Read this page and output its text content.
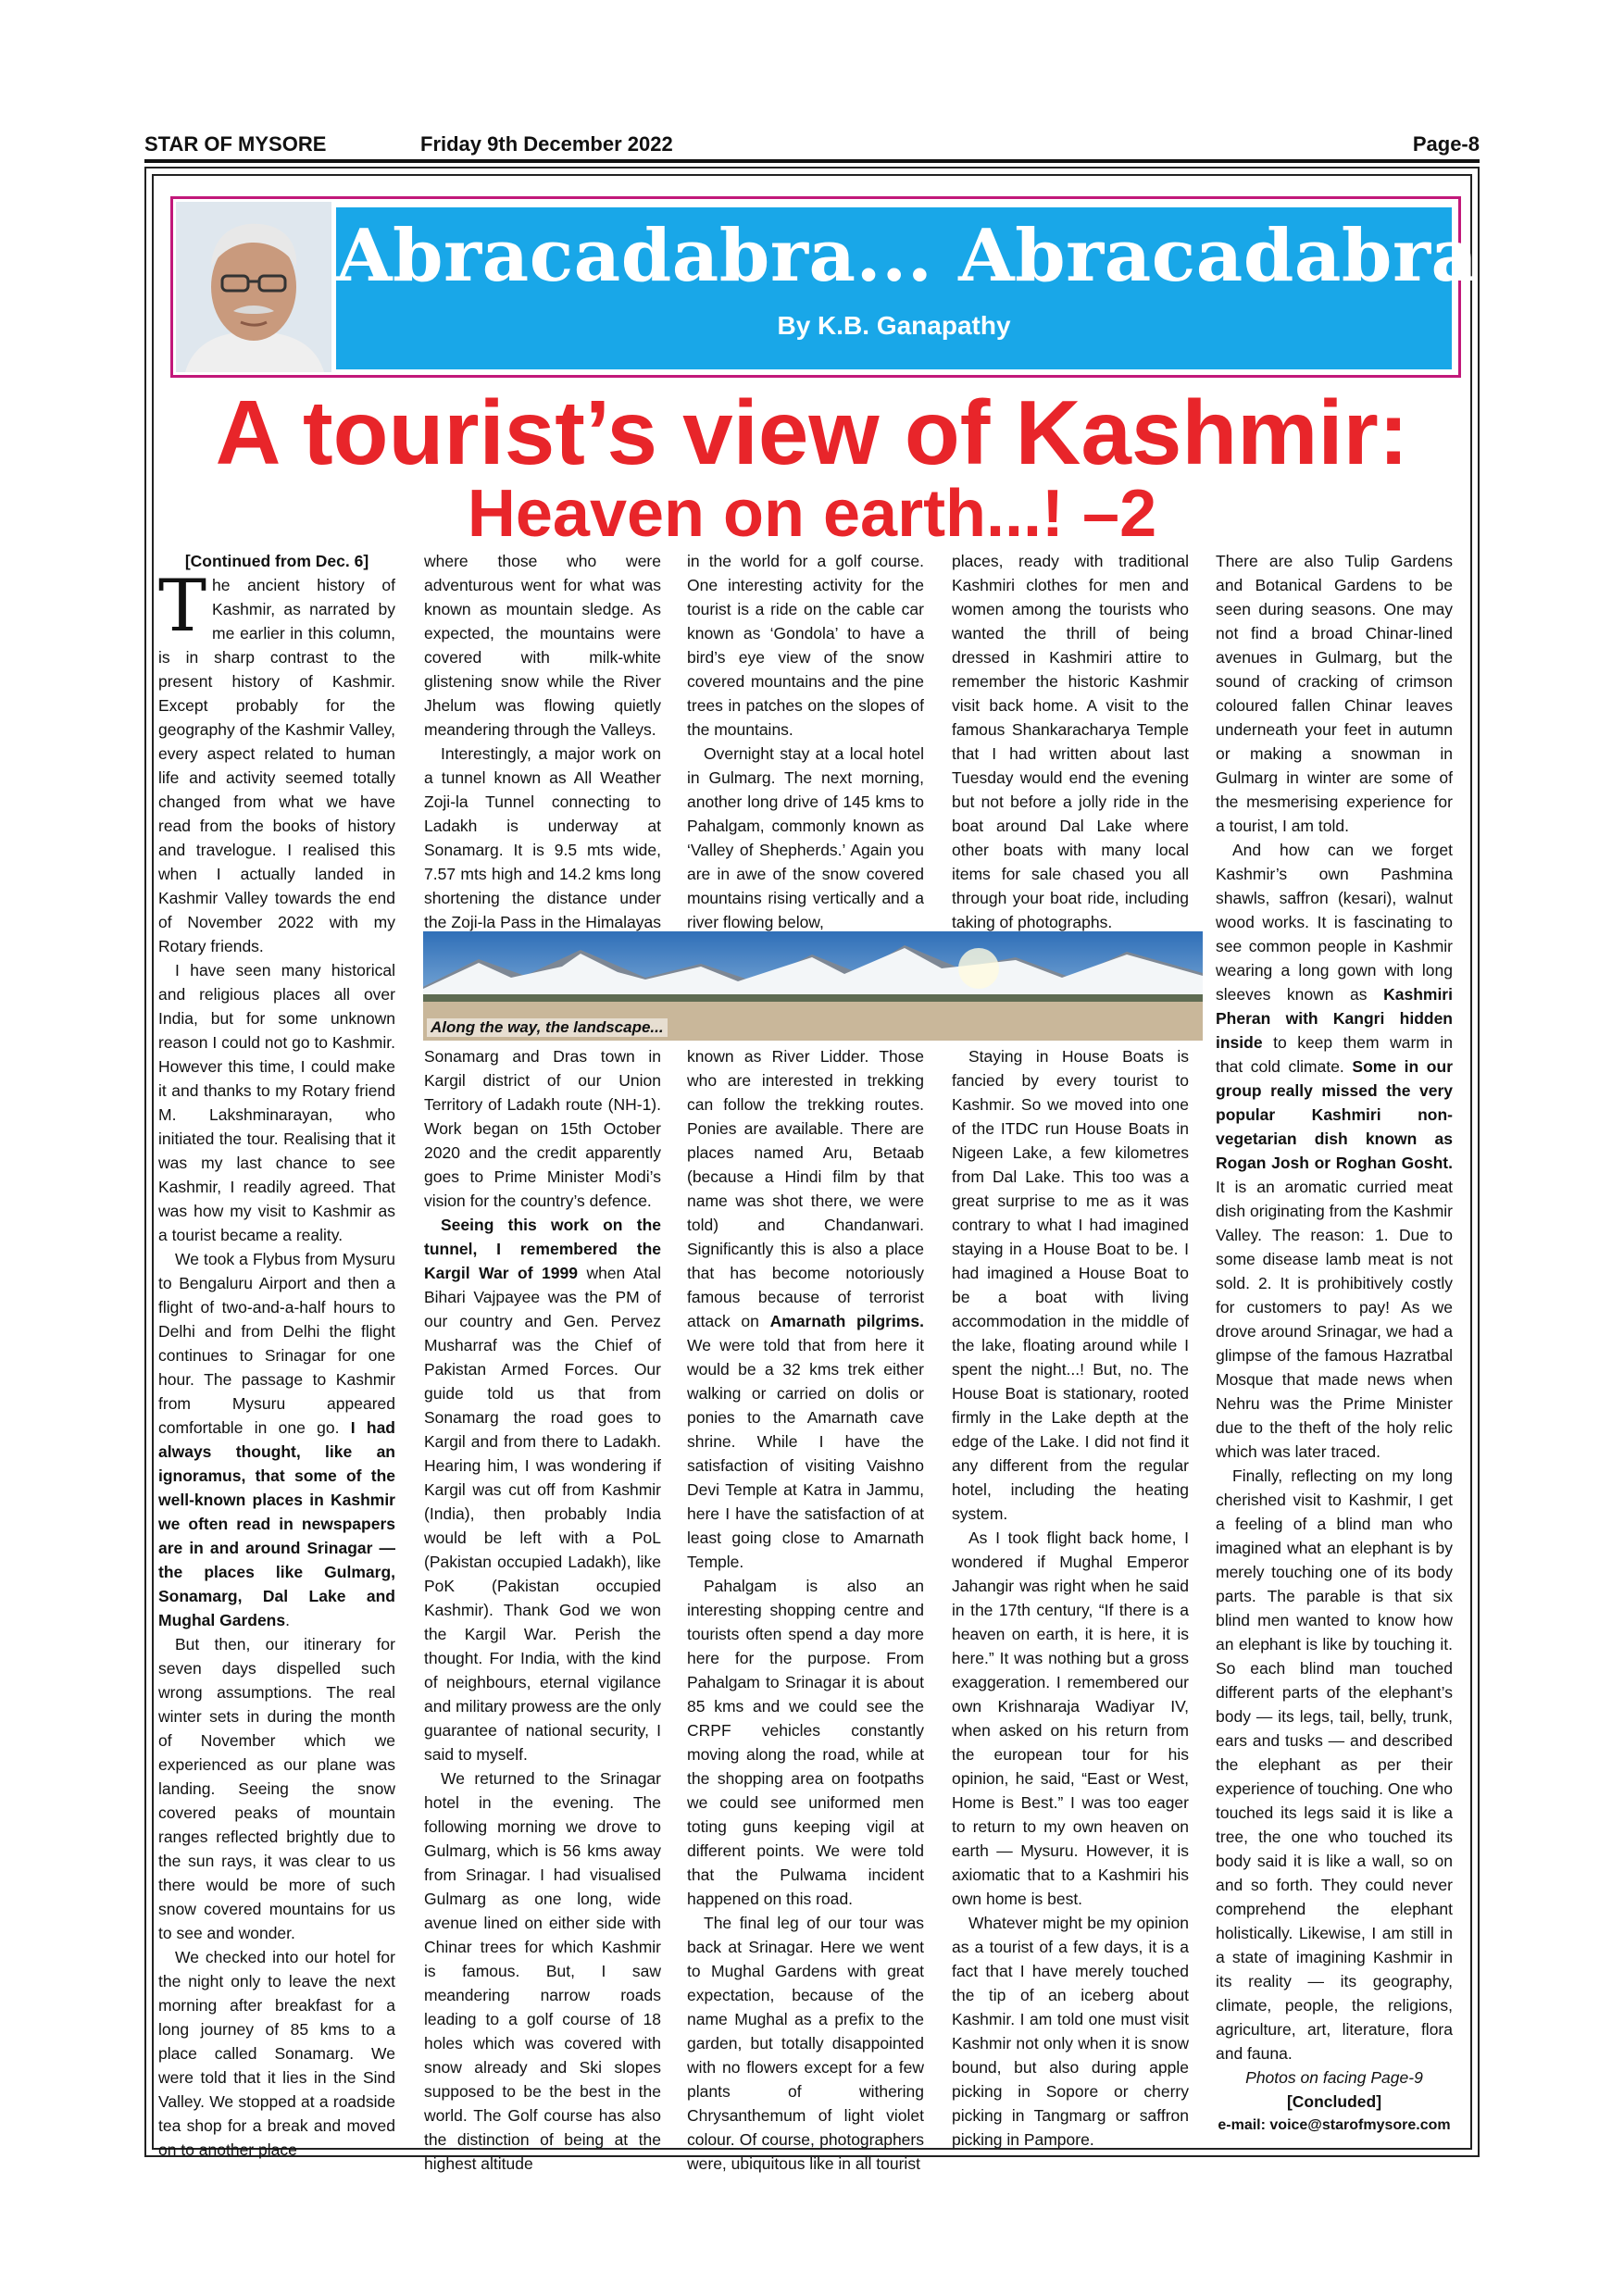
STAR OF MYSORE	Friday 9th December 2022	Page-8
Abracadabra... Abracadabra...
By K.B. Ganapathy
A tourist’s view of Kashmir:
Heaven on earth...! –2

[Continued from Dec. 6]

The ancient history of Kashmir, as narrated by me earlier in this column, is in sharp contrast to the present history of Kashmir. Except probably for the geography of the Kashmir Valley, every aspect related to human life and activity seemed totally changed from what we have read from the books of history and travelogue. I realised this when I actually landed in Kashmir Valley towards the end of November 2022 with my Rotary friends.

I have seen many historical and religious places all over India, but for some unknown reason I could not go to Kashmir. However this time, I could make it and thanks to my Rotary friend M. Lakshminarayan, who initiated the tour. Realising that it was my last chance to see Kashmir, I readily agreed. That was how my visit to Kashmir as a tourist became a reality.

We took a Flybus from Mysuru to Bengaluru Airport and then a flight of two-and-a-half hours to Delhi and from Delhi the flight continues to Srinagar for one hour. The passage to Kashmir from Mysuru appeared comfortable in one go. I had always thought, like an ignoramus, that some of the well-known places in Kashmir we often read in newspapers are in and around Srinagar — the places like Gulmarg, Sonamarg, Dal Lake and Mughal Gardens.

But then, our itinerary for seven days dispelled such wrong assumptions. The real winter sets in during the month of November which we experienced as our plane was landing. Seeing the snow covered peaks of mountain ranges reflected brightly due to the sun rays, it was clear to us there would be more of such snow covered mountains for us to see and wonder.

We checked into our hotel for the night only to leave the next morning after breakfast for a long journey of 85 kms to a place called Sonamarg. We were told that it lies in the Sind Valley. We stopped at a roadside tea shop for a break and moved on to another place

where those who were adventurous went for what was known as mountain sledge. As expected, the mountains were covered with milk-white glistening snow while the River Jhelum was flowing quietly meandering through the Valleys.

Interestingly, a major work on a tunnel known as All Weather Zoji-la Tunnel connecting to Ladakh is underway at Sonamarg. It is 9.5 mts wide, 7.57 mts high and 14.2 kms long shortening the distance under the Zoji-la Pass in the Himalayas

in the world for a golf course. One interesting activity for the tourist is a ride on the cable car known as ‘Gondola’ to have a bird’s eye view of the snow covered mountains and the pine trees in patches on the slopes of the mountains.

Overnight stay at a local hotel in Gulmarg. The next morning, another long drive of 145 kms to Pahalgam, commonly known as ‘Valley of Shepherds.’ Again you are in awe of the snow covered mountains rising vertically and a river flowing below,

places, ready with traditional Kashmiri clothes for men and women among the tourists who wanted the thrill of being dressed in Kashmiri attire to remember the historic Kashmir visit back home. A visit to the famous Shankaracharya Temple that I had written about last Tuesday would end the evening but not before a jolly ride in the boat around Dal Lake where other boats with many local items for sale chased you all through your boat ride, including taking of photographs.

Along the way, the landscape...

Sonamarg and Dras town in Kargil district of our Union Territory of Ladakh route (NH-1). Work began on 15th October 2020 and the credit apparently goes to Prime Minister Modi’s vision for the country’s defence.

Seeing this work on the tunnel, I remembered the Kargil War of 1999 when Atal Bihari Vajpayee was the PM of our country and Gen. Pervez Musharraf was the Chief of Pakistan Armed Forces. Our guide told us that from Sonamarg the road goes to Kargil and from there to Ladakh. Hearing him, I was wondering if Kargil was cut off from Kashmir (India), then probably India would be left with a PoL (Pakistan occupied Ladakh), like PoK (Pakistan occupied Kashmir). Thank God we won the Kargil War. Perish the thought. For India, with the kind of neighbours, eternal vigilance and military prowess are the only guarantee of national security, I said to myself.

We returned to the Srinagar hotel in the evening. The following morning we drove to Gulmarg, which is 56 kms away from Srinagar. I had visualised Gulmarg as one long, wide avenue lined on either side with Chinar trees for which Kashmir is famous. But, I saw meandering narrow roads leading to a golf course of 18 holes which was covered with snow already and Ski slopes supposed to be the best in the world. The Golf course has also the distinction of being at the highest altitude

known as River Lidder. Those who are interested in trekking can follow the trekking routes. Ponies are available. There are places named Aru, Betaab (because a Hindi film by that name was shot there, we were told) and Chandanwari. Significantly this is also a place that has become notoriously famous because of terrorist attack on Amarnath pilgrims. We were told that from here it would be a 32 kms trek either walking or carried on dolis or ponies to the Amarnath cave shrine. While I have the satisfaction of visiting Vaishno Devi Temple at Katra in Jammu, here I have the satisfaction of at least going close to Amarnath Temple.

Pahalgam is also an interesting shopping centre and tourists often spend a day more here for the purpose. From Pahalgam to Srinagar it is about 85 kms and we could see the CRPF vehicles constantly moving along the road, while at the shopping area on footpaths we could see uniformed men toting guns keeping vigil at different points. We were told that the Pulwama incident happened on this road.

The final leg of our tour was back at Srinagar. Here we went to Mughal Gardens with great expectation, because of the name Mughal as a prefix to the garden, but totally disappointed with no flowers except for a few plants of withering Chrysanthemum of light violet colour. Of course, photographers were, ubiquitous like in all tourist

Staying in House Boats is fancied by every tourist to Kashmir. So we moved into one of the ITDC run House Boats in Nigeen Lake, a few kilometres from Dal Lake. This too was a great surprise to me as it was contrary to what I had imagined staying in a House Boat to be. I had imagined a House Boat to be a boat with living accommodation in the middle of the lake, floating around while I spent the night...! But, no. The House Boat is stationary, rooted firmly in the Lake depth at the edge of the Lake. I did not find it any different from the regular hotel, including the heating system.

As I took flight back home, I wondered if Mughal Emperor Jahangir was right when he said in the 17th century, “If there is a heaven on earth, it is here, it is here.” It was nothing but a gross exaggeration. I remembered our own Krishnaraja Wadiyar IV, when asked on his return from the european tour for his opinion, he said, “East or West, Home is Best.” I was too eager to return to my own heaven on earth — Mysuru. However, it is axiomatic that to a Kashmiri his own home is best.

Whatever might be my opinion as a tourist of a few days, it is a fact that I have merely touched the tip of an iceberg about Kashmir. I am told one must visit Kashmir not only when it is snow bound, but also during apple picking in Sopore or cherry picking in Tangmarg or saffron picking in Pampore.

There are also Tulip Gardens and Botanical Gardens to be seen during seasons. One may not find a broad Chinar-lined avenues in Gulmarg, but the sound of cracking of crimson coloured fallen Chinar leaves underneath your feet in autumn or making a snowman in Gulmarg in winter are some of the mesmerising experience for a tourist, I am told.

And how can we forget Kashmir’s own Pashmina shawls, saffron (kesari), walnut wood works. It is fascinating to see common people in Kashmir wearing a long gown with long sleeves known as Kashmiri Pheran with Kangri hidden inside to keep them warm in that cold climate. Some in our group really missed the very popular Kashmiri non-vegetarian dish known as Rogan Josh or Roghan Gosht. It is an aromatic curried meat dish originating from the Kashmir Valley. The reason: 1. Due to some disease lamb meat is not sold. 2. It is prohibitively costly for customers to pay! As we drove around Srinagar, we had a glimpse of the famous Hazratbal Mosque that made news when Nehru was the Prime Minister due to the theft of the holy relic which was later traced.

Finally, reflecting on my long cherished visit to Kashmir, I get a feeling of a blind man who imagined what an elephant is by merely touching one of its body parts. The parable is that six blind men wanted to know how an elephant is like by touching it. So each blind man touched different parts of the elephant’s body — its legs, tail, belly, trunk, ears and tusks — and described the elephant as per their experience of touching. One who touched its legs said it is like a tree, the one who touched its body said it is like a wall, so on and so forth. They could never comprehend the elephant holistically. Likewise, I am still in a state of imagining Kashmir in its reality — its geography, climate, people, the religions, agriculture, art, literature, flora and fauna.

Photos on facing Page-9

[Concluded]

e-mail: voice@starofmysore.com
